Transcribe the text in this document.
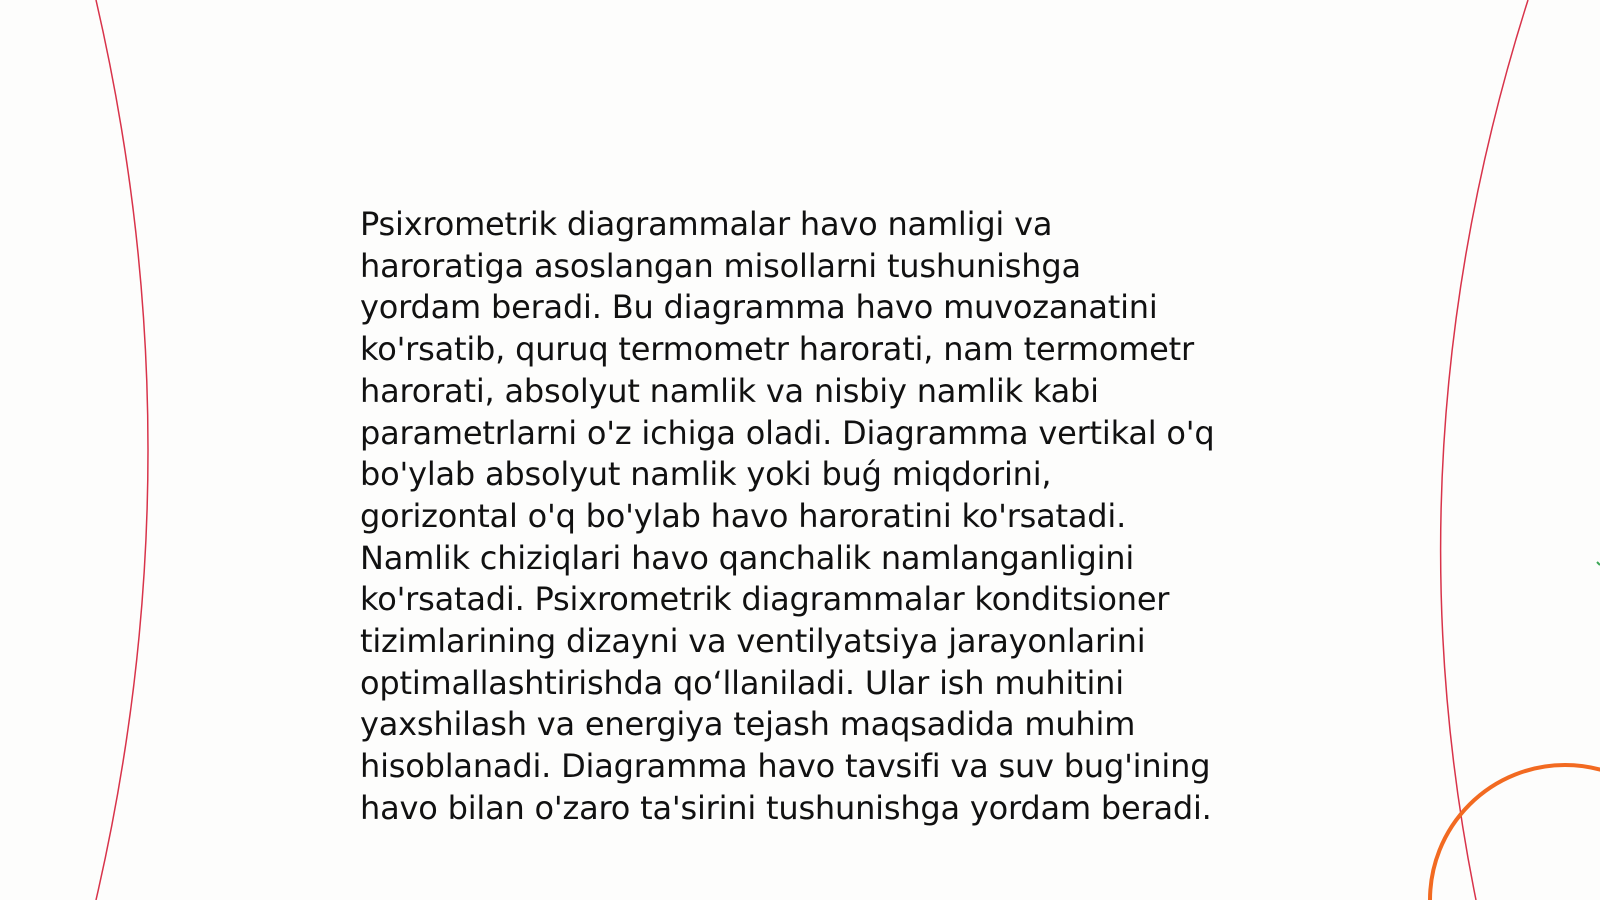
Psixrometrik diagrammalar havo namligi va
haroratiga asoslangan misollarni tushunishga
yordam beradi. Bu diagramma havo muvozanatini
ko'rsatib, quruq termometr harorati, nam termometr
harorati, absolyut namlik va nisbiy namlik kabi
parametrlarni o'z ichiga oladi. Diagramma vertikal o'q
bo'ylab absolyut namlik yoki buǵ miqdorini,
gorizontal o'q bo'ylab havo haroratini ko'rsatadi.
Namlik chiziqlari havo qanchalik namlanganligini
ko'rsatadi. Psixrometrik diagrammalar konditsioner
tizimlarining dizayni va ventilyatsiya jarayonlarini
optimallashtirishda qo‘llaniladi. Ular ish muhitini
yaxshilash va energiya tejash maqsadida muhim
hisoblanadi. Diagramma havo tavsifi va suv bug'ining
havo bilan o'zaro ta'sirini tushunishga yordam beradi.
